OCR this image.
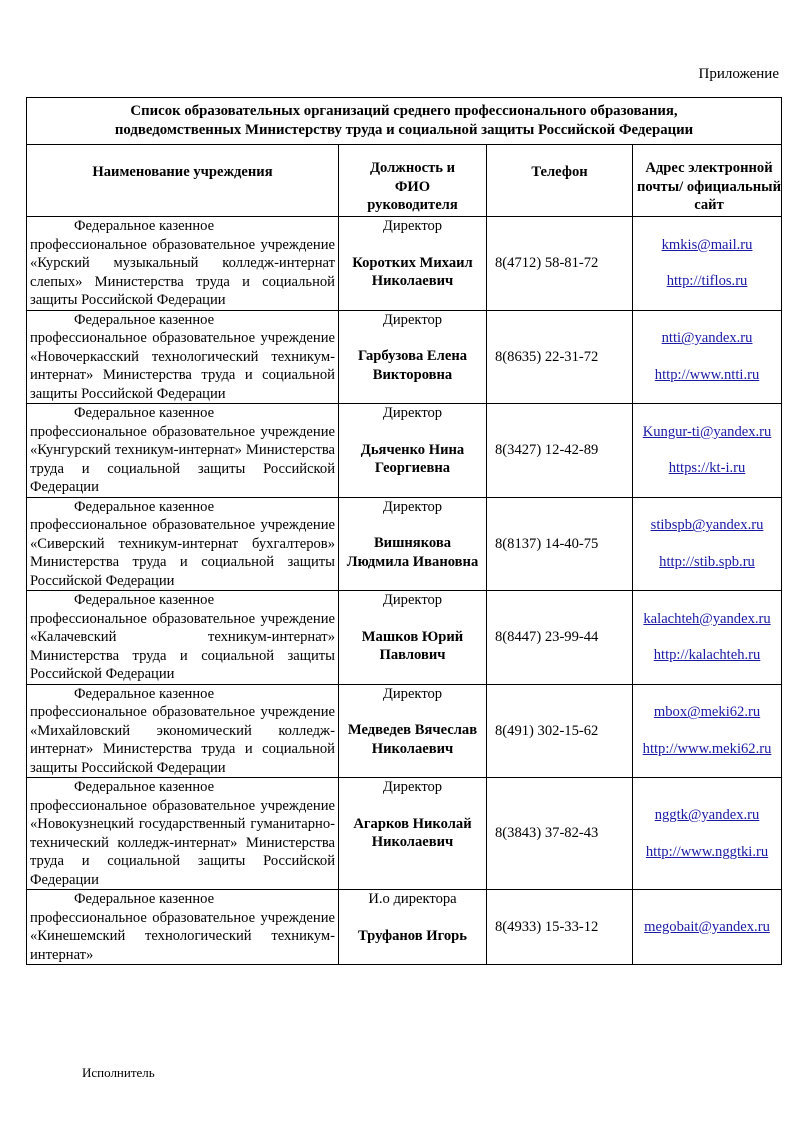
Приложение
Список образовательных организаций среднего профессионального образования,
подведомственных Министерству труда и социальной защиты Российской Федерации			
Наименование учреждения	Должность и ФИО руководителя	Телефон	Адрес электронной почты/ официальный сайт

Федеральное казенное
профессиональное образовательное учреждение «Курский музыкальный колледж-интернат слепых» Министерства труда и социальной защиты Российской Федерации	Директор
Коротких Михаил Николаевич	8(4712) 58-81-72	kmkis@mail.ru
http://tiflos.ru

Федеральное казенное
профессиональное образовательное учреждение «Новочеркасский технологический техникум-интернат» Министерства труда и социальной защиты Российской Федерации	Директор
Гарбузова Елена Викторовна	8(8635) 22-31-72	ntti@yandex.ru
http://www.ntti.ru

Федеральное казенное
профессиональное образовательное учреждение «Кунгурский техникум-интернат» Министерства труда и социальной защиты Российской Федерации	Директор
Дьяченко Нина Георгиевна	8(3427) 12-42-89	Kungur-ti@yandex.ru
https://kt-i.ru

Федеральное казенное
профессиональное образовательное учреждение «Сиверский техникум-интернат бухгалтеров» Министерства труда и социальной защиты Российской Федерации	Директор
Вишнякова Людмила Ивановна	8(8137) 14-40-75	stibspb@yandex.ru
http://stib.spb.ru

Федеральное казенное
профессиональное образовательное учреждение «Калачевский техникум-интернат» Министерства труда и социальной защиты Российской Федерации	Директор
Машков Юрий Павлович	8(8447) 23-99-44	kalachteh@yandex.ru
http://kalachteh.ru

Федеральное казенное
профессиональное образовательное учреждение «Михайловский экономический колледж-интернат» Министерства труда и социальной защиты Российской Федерации	Директор
Медведев Вячеслав Николаевич	8(491) 302-15-62	mbox@meki62.ru
http://www.meki62.ru

Федеральное казенное
профессиональное образовательное учреждение «Новокузнецкий государственный гуманитарно-технический колледж-интернат» Министерства труда и социальной защиты Российской Федерации	Директор
Агарков Николай Николаевич	8(3843) 37-82-43	nggtk@yandex.ru
http://www.nggtki.ru

Федеральное казенное
профессиональное образовательное учреждение «Кинешемский технологический техникум-интернат»	И.о директора
Труфанов Игорь	8(4933) 15-33-12	megobait@yandex.ru
Исполнитель
